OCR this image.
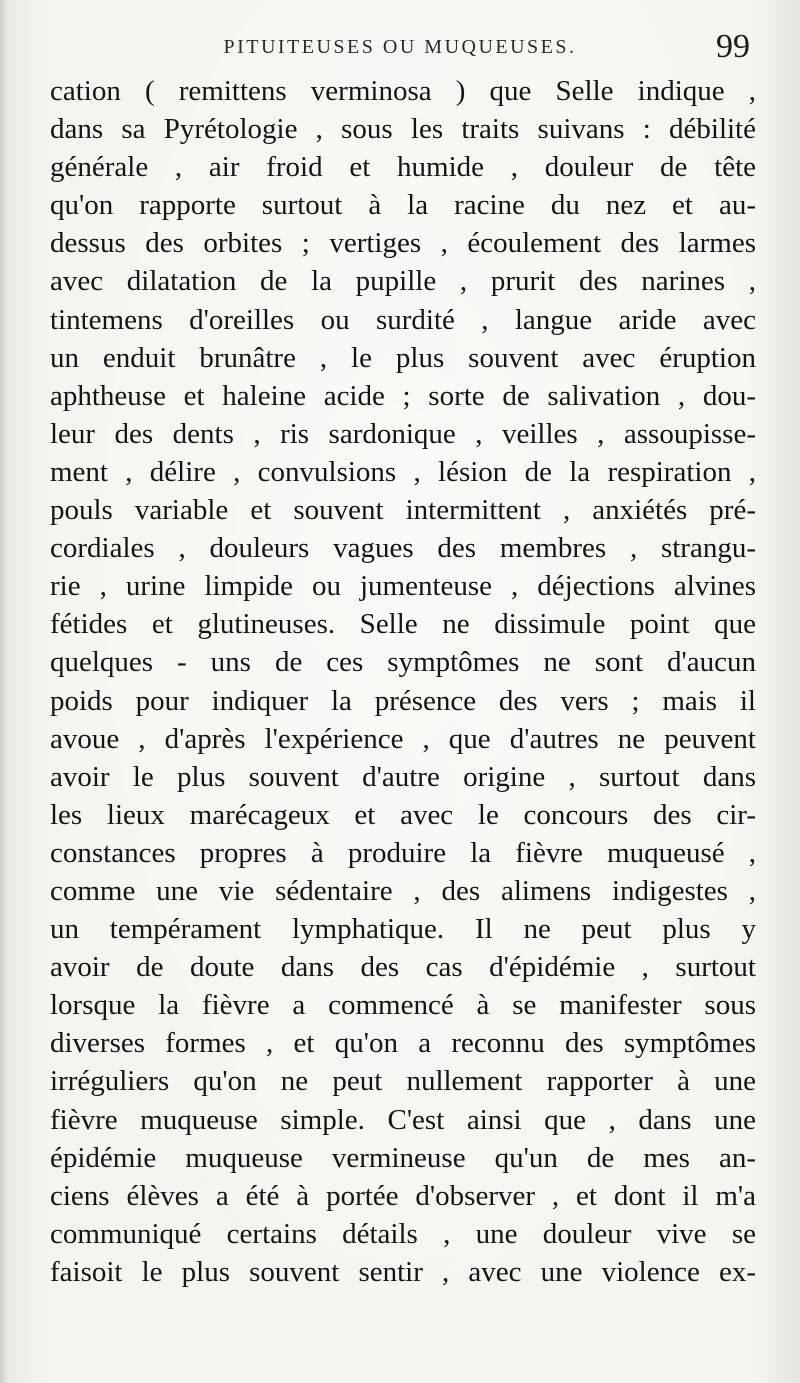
PITUITEUSES OU MUQUEUSES.	99
cation ( remittens verminosa ) que Selle indique ,
dans sa Pyrétologie , sous les traits suivans : débilité
générale , air froid et humide , douleur de tête
qu'on rapporte surtout à la racine du nez et au-
dessus des orbites ; vertiges , écoulement des larmes
avec dilatation de la pupille , prurit des narines ,
tintemens d'oreilles ou surdité , langue aride avec
un enduit brunâtre , le plus souvent avec éruption
aphtheuse et haleine acide ; sorte de salivation , dou-
leur des dents , ris sardonique , veilles , assoupisse-
ment , délire , convulsions , lésion de la respiration ,
pouls variable et souvent intermittent , anxiétés pré-
cordiales , douleurs vagues des membres , strangu-
rie , urine limpide ou jumenteuse , déjections alvines
fétides et glutineuses. Selle ne dissimule point que
quelques - uns de ces symptômes ne sont d'aucun
poids pour indiquer la présence des vers ; mais il
avoue , d'après l'expérience , que d'autres ne peuvent
avoir le plus souvent d'autre origine , surtout dans
les lieux marécageux et avec le concours des cir-
constances propres à produire la fièvre muqueusé ,
comme une vie sédentaire , des alimens indigestes ,
un tempérament lymphatique. Il ne peut plus y
avoir de doute dans des cas d'épidémie , surtout
lorsque la fièvre a commencé à se manifester sous
diverses formes , et qu'on a reconnu des symptômes
irréguliers qu'on ne peut nullement rapporter à une
fièvre muqueuse simple. C'est ainsi que , dans une
épidémie muqueuse vermineuse qu'un de mes an-
ciens élèves a été à portée d'observer , et dont il m'a
communiqué certains détails , une douleur vive se
faisoit le plus souvent sentir , avec une violence ex-
